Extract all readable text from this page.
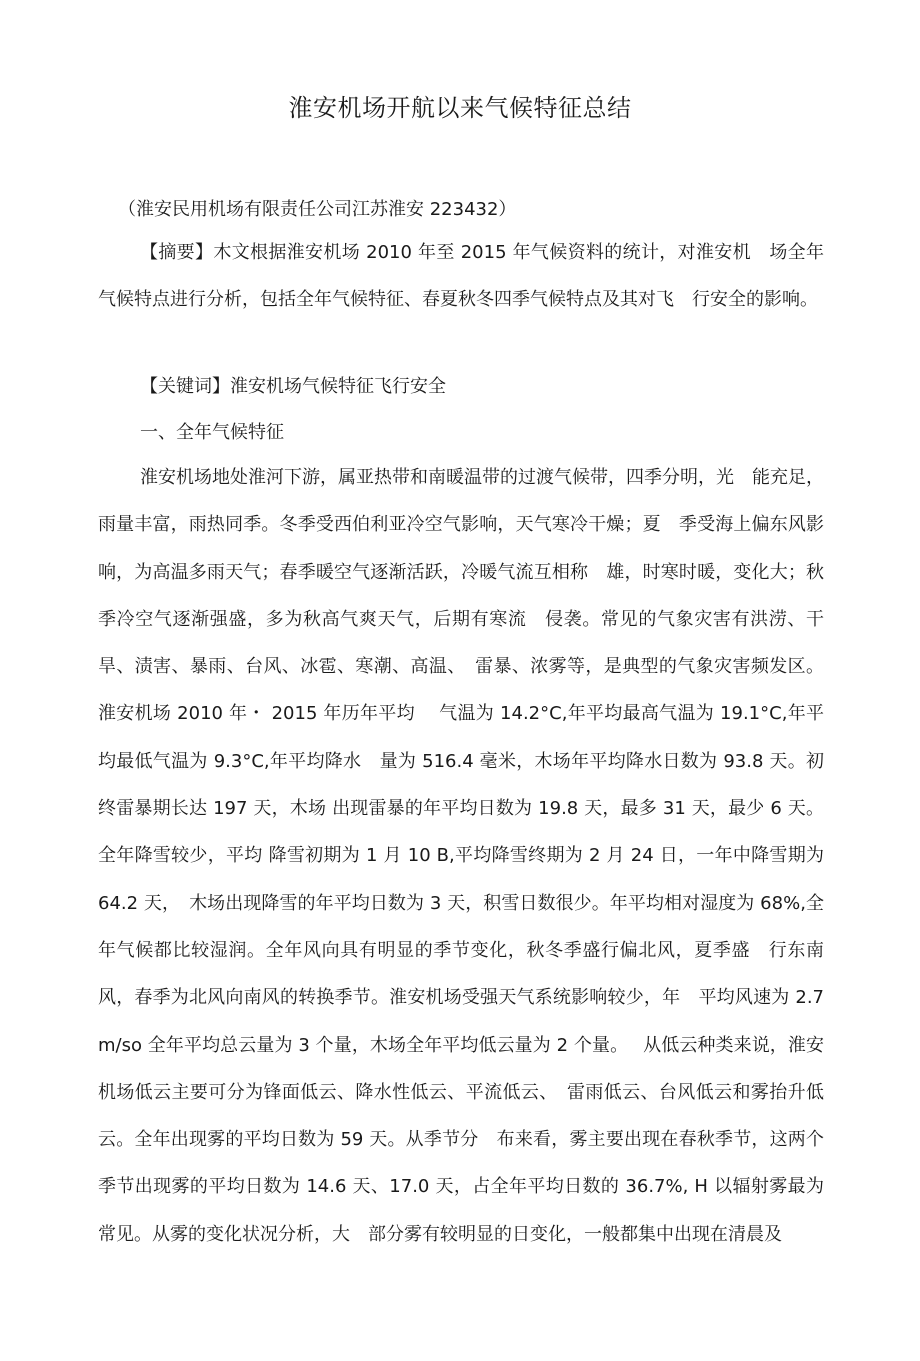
淮安机场开航以来气候特征总结
（淮安民用机场有限责任公司江苏淮安 223432）
【摘要】木文根据淮安机场 2010 年至 2015 年气候资料的统计，对淮安机　场全年气候特点进行分析，包括全年气候特征、春夏秋冬四季气候特点及其对飞　行安全的影响。
【关键词】淮安机场气候特征飞行安全
一、全年气候特征
淮安机场地处淮河下游，属亚热带和南暖温带的过渡气候带，四季分明，光　能充足，雨量丰富，雨热同季。冬季受西伯利亚冷空气影响，天气寒冷干燥；夏　季受海上偏东风影响，为高温多雨天气；春季暖空气逐渐活跃，冷暖气流互相称　雄，时寒时暖，变化大；秋季冷空气逐渐强盛，多为秋高气爽天气，后期有寒流　侵袭。常见的气象灾害有洪涝、干旱、渍害、暴雨、台风、冰雹、寒潮、高温、　雷暴、浓雾等，是典型的气象灾害频发区。淮安机场 2010 年・ 2015 年历年平均　 气温为 14.2°C,年平均最高气温为 19.1°C,年平均最低气温为 9.3°C,年平均降水　量为 516.4 毫米，木场年平均降水日数为 93.8 天。初终雷暴期长达 197 天，木场 出现雷暴的年平均日数为 19.8 天，最多 31 天，最少 6 天。全年降雪较少，平均 降雪初期为 1 月 10 B,平均降雪终期为 2 月 24 日，一年中降雪期为 64.2 天，　木场出现降雪的年平均日数为 3 天，积雪日数很少。年平均相对湿度为 68%,全　年气候都比较湿润。全年风向具有明显的季节变化，秋冬季盛行偏北风，夏季盛　行东南风，春季为北风向南风的转换季节。淮安机场受强天气系统影响较少，年　平均风速为 2.7m/so 全年平均总云量为 3 个量，木场全年平均低云量为 2 个量。　 从低云种类来说，淮安机场低云主要可分为锋面低云、降水性低云、平流低云、　雷雨低云、台风低云和雾抬升低云。全年出现雾的平均日数为 59 天。从季节分　布来看，雾主要出现在春秋季节，这两个季节出现雾的平均日数为 14.6 天、17.0 天，占全年平均日数的 36.7%, H 以辐射雾最为常见。从雾的变化状况分析，大　部分雾有较明显的日变化，一般都集中出现在清晨及
